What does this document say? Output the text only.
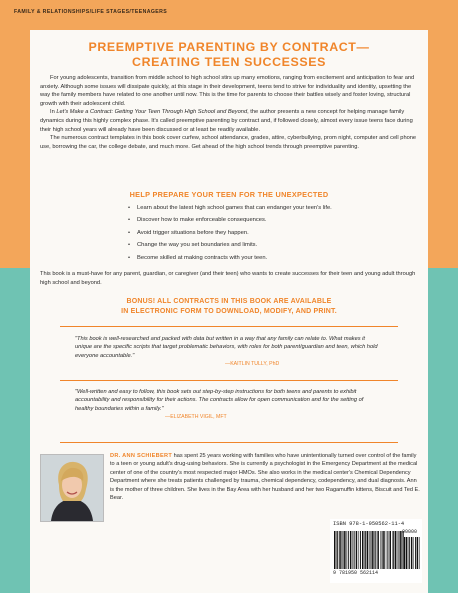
FAMILY & RELATIONSHIPS/LIFE STAGES/TEENAGERS
PREEMPTIVE PARENTING BY CONTRACT—
CREATING TEEN SUCCESSES

For young adolescents, transition from middle school to high school stirs up many emotions, ranging from excitement and anticipation to fear and anxiety. Although some issues will dissipate quickly, at this stage in their development, teens tend to strive for individuality and identity, upsetting the way the family members have related to one another until now. This is the time for parents to choose their battles wisely and foster loving, structural growth with their adolescent child.

In Let's Make a Contract: Getting Your Teen Through High School and Beyond, the author presents a new concept for helping manage family dynamics during this highly complex phase. It's called preemptive parenting by contract and, if followed closely, almost every issue teens face during their high school years will already have been discussed or at least be readily available.

The numerous contract templates in this book cover curfew, school attendance, grades, attire, cyberbullying, prom night, computer and cell phone use, borrowing the car, the college debate, and much more. Get ahead of the high school trends through preemptive parenting.

HELP PREPARE YOUR TEEN FOR THE UNEXPECTED
• Learn about the latest high school games that can endanger your teen's life.
• Discover how to make enforceable consequences.
• Avoid trigger situations before they happen.
• Change the way you set boundaries and limits.
• Become skilled at making contracts with your teen.

This book is a must-have for any parent, guardian, or caregiver (and their teen) who wants to create successes for their teen and young adult through high school and beyond.

BONUS! ALL CONTRACTS IN THIS BOOK ARE AVAILABLE
IN ELECTRONIC FORM TO DOWNLOAD, MODIFY, AND PRINT.
"This book is well-researched and packed with data but written in a way that any family can relate to. What makes it unique are the specific scripts that target problematic behaviors, with roles for both parent/guardian and teen, which hold everyone accountable."
—KAITLIN TULLY, PhD
"Well-written and easy to follow, this book sets out step-by-step instructions for both teens and parents to exhibit accountability and responsibility for their actions. The contracts allow for open communication and for the setting of healthy boundaries within a family."
—ELIZABETH VIGIL, MFT
DR. ANN SCHIEBERT has spent 25 years working with families who have unintentionally turned over control of the family to a teen or young adult's drug-using behaviors. She is currently a psychologist in the Emergency Department at the medical center of one of the country's most respected major HMOs. She also works in the medical center's Chemical Dependency Department where she treats patients challenged by trauma, chemical dependency, codependency, and dual diagnosis. Ann is the mother of three children. She lives in the Bay Area with her husband and her two Ragamuffin kittens, Biscuit and Ted E. Bear.
ISBN 978-1-950562-11-4
90000
9 781950 562114
